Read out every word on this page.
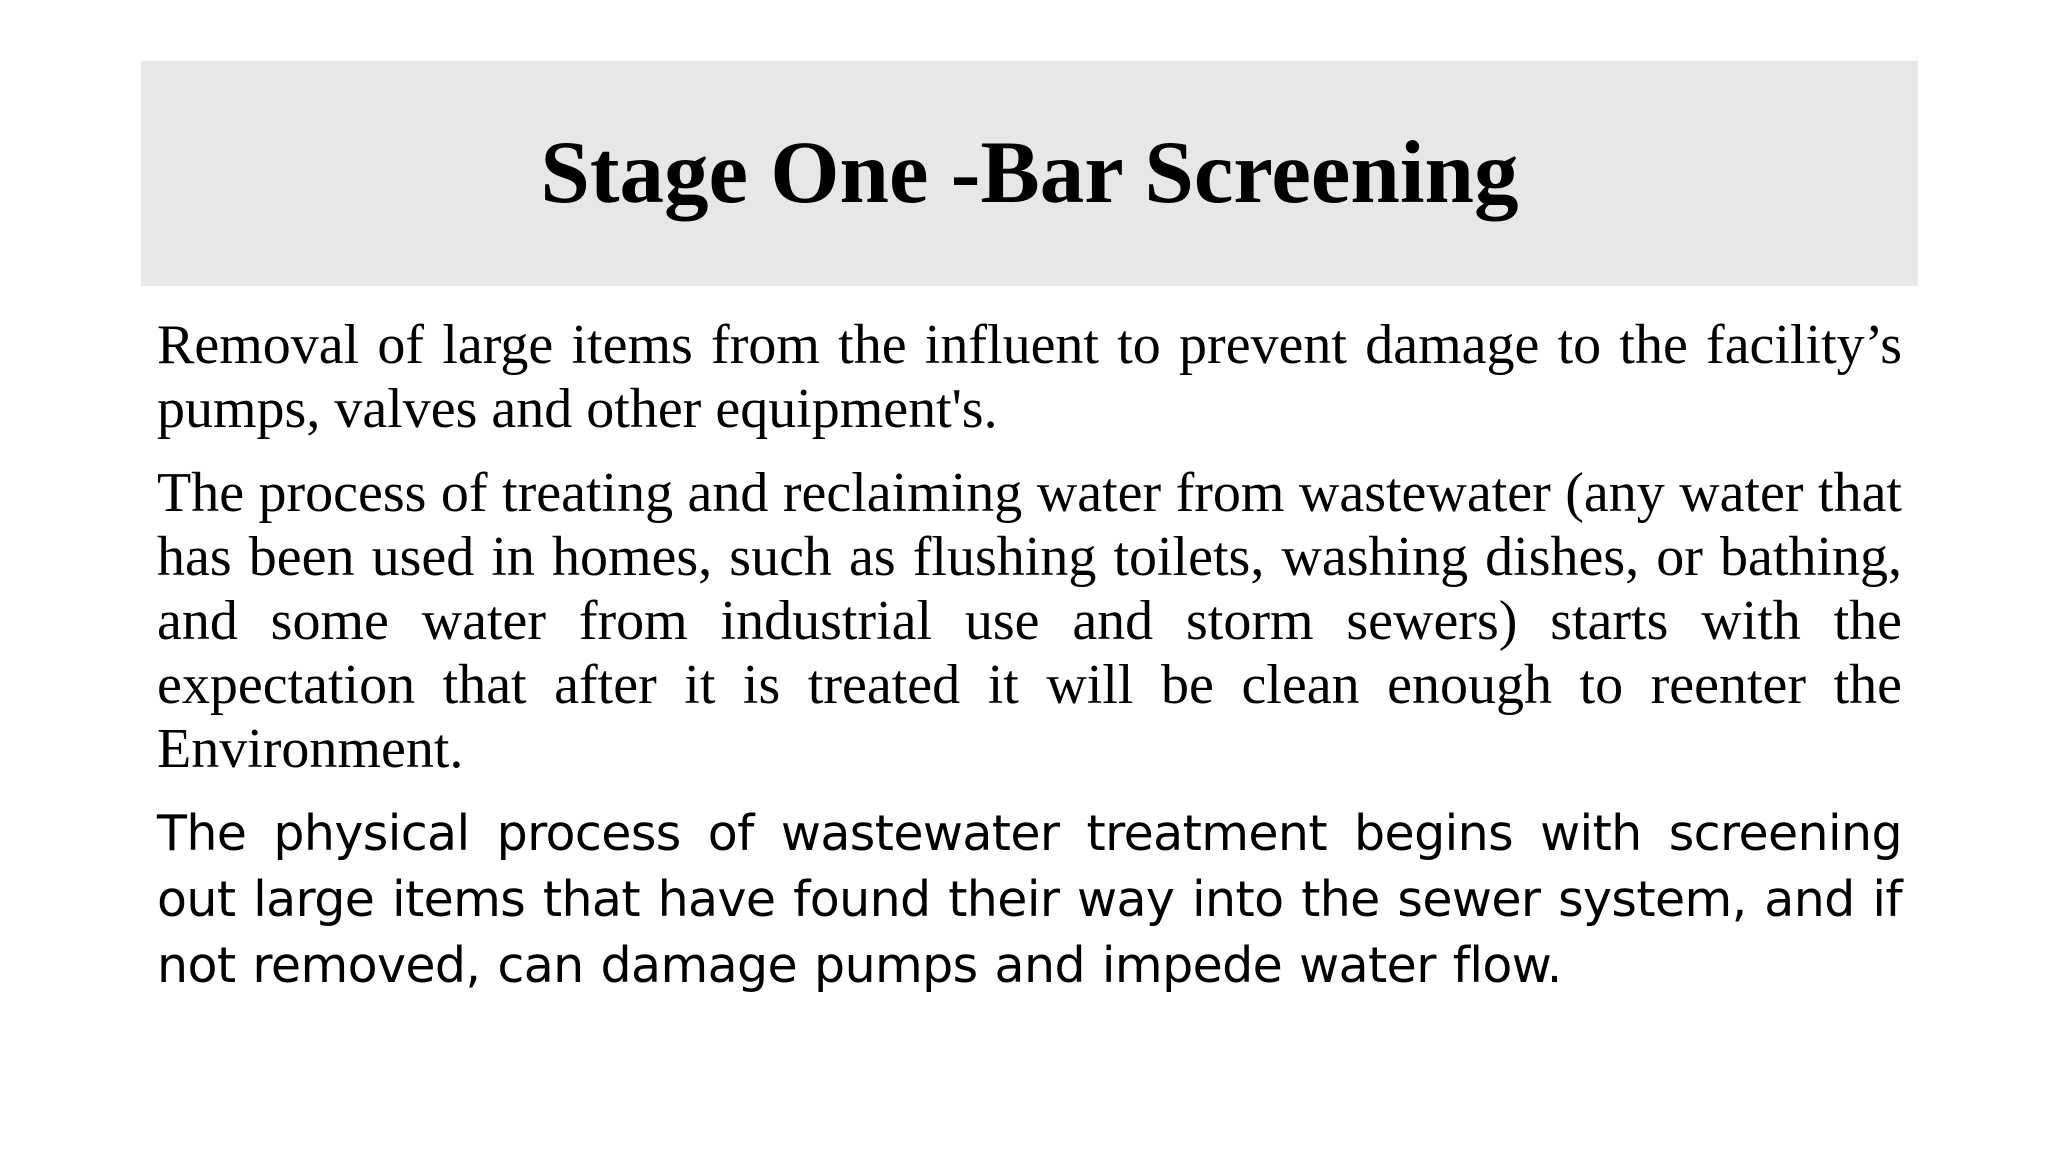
Stage One -Bar Screening

Removal of large items from the influent to prevent damage to the facility’s pumps, valves and other equipment's.

The process of treating and reclaiming water from wastewater (any water that has been used in homes, such as flushing toilets, washing dishes, or bathing, and some water from industrial use and storm sewers) starts with the expectation that after it is treated it will be clean enough to reenter the Environment.

The physical process of wastewater treatment begins with screening out large items that have found their way into the sewer system, and if not removed, can damage pumps and impede water flow.
